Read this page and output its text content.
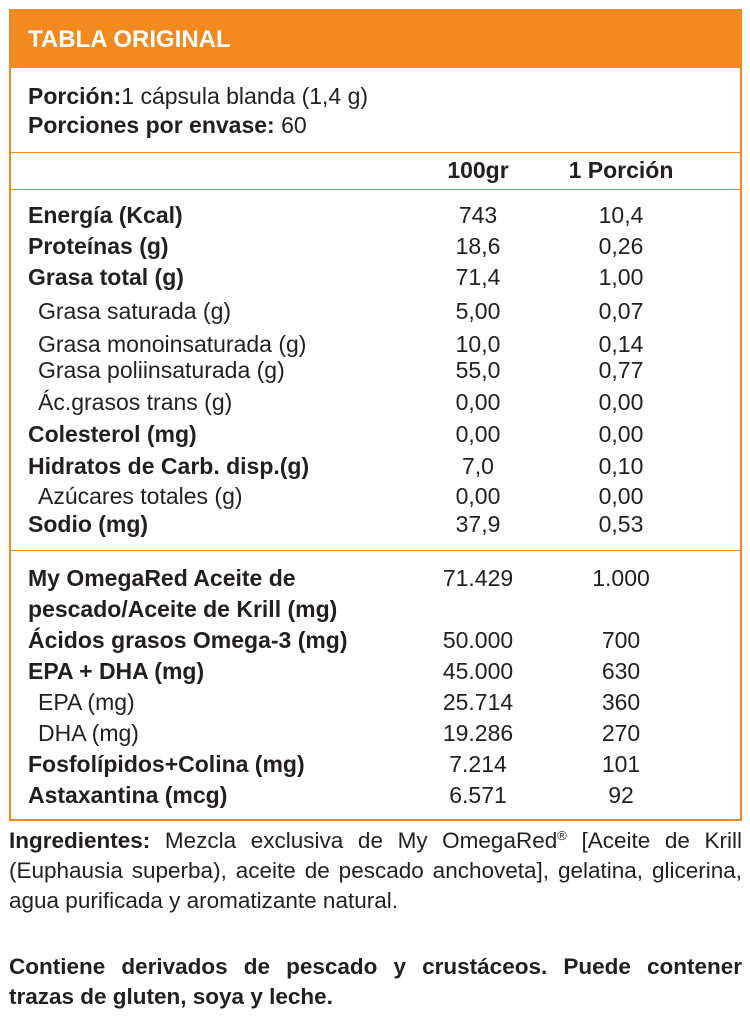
TABLA ORIGINAL
Porción:1 cápsula blanda (1,4 g)
Porciones por envase: 60
100gr	1 Porción
Energía (Kcal)	743	10,4
Proteínas (g)	18,6	0,26
Grasa total (g)	71,4	1,00
Grasa saturada (g)	5,00	0,07
Grasa monoinsaturada (g)	10,0	0,14
Grasa poliinsaturada (g)	55,0	0,77
Ác.grasos trans (g)	0,00	0,00
Colesterol (mg)	0,00	0,00
Hidratos de Carb. disp.(g)	7,0	0,10
Azúcares totales (g)	0,00	0,00
Sodio (mg)	37,9	0,53
My OmegaRed Aceite de	71.429	1.000
pescado/Aceite de Krill (mg)
Ácidos grasos Omega-3 (mg)	50.000	700
EPA + DHA (mg)	45.000	630
EPA (mg)	25.714	360
DHA (mg)	19.286	270
Fosfolípidos+Colina (mg)	7.214	101
Astaxantina (mcg)	6.571	92
Ingredientes: Mezcla exclusiva de My OmegaRed® [Aceite de Krill (Euphausia superba), aceite de pescado anchoveta], gelatina, glicerina, agua purificada y aromatizante natural.
Contiene derivados de pescado y crustáceos. Puede contener trazas de gluten, soya y leche.
